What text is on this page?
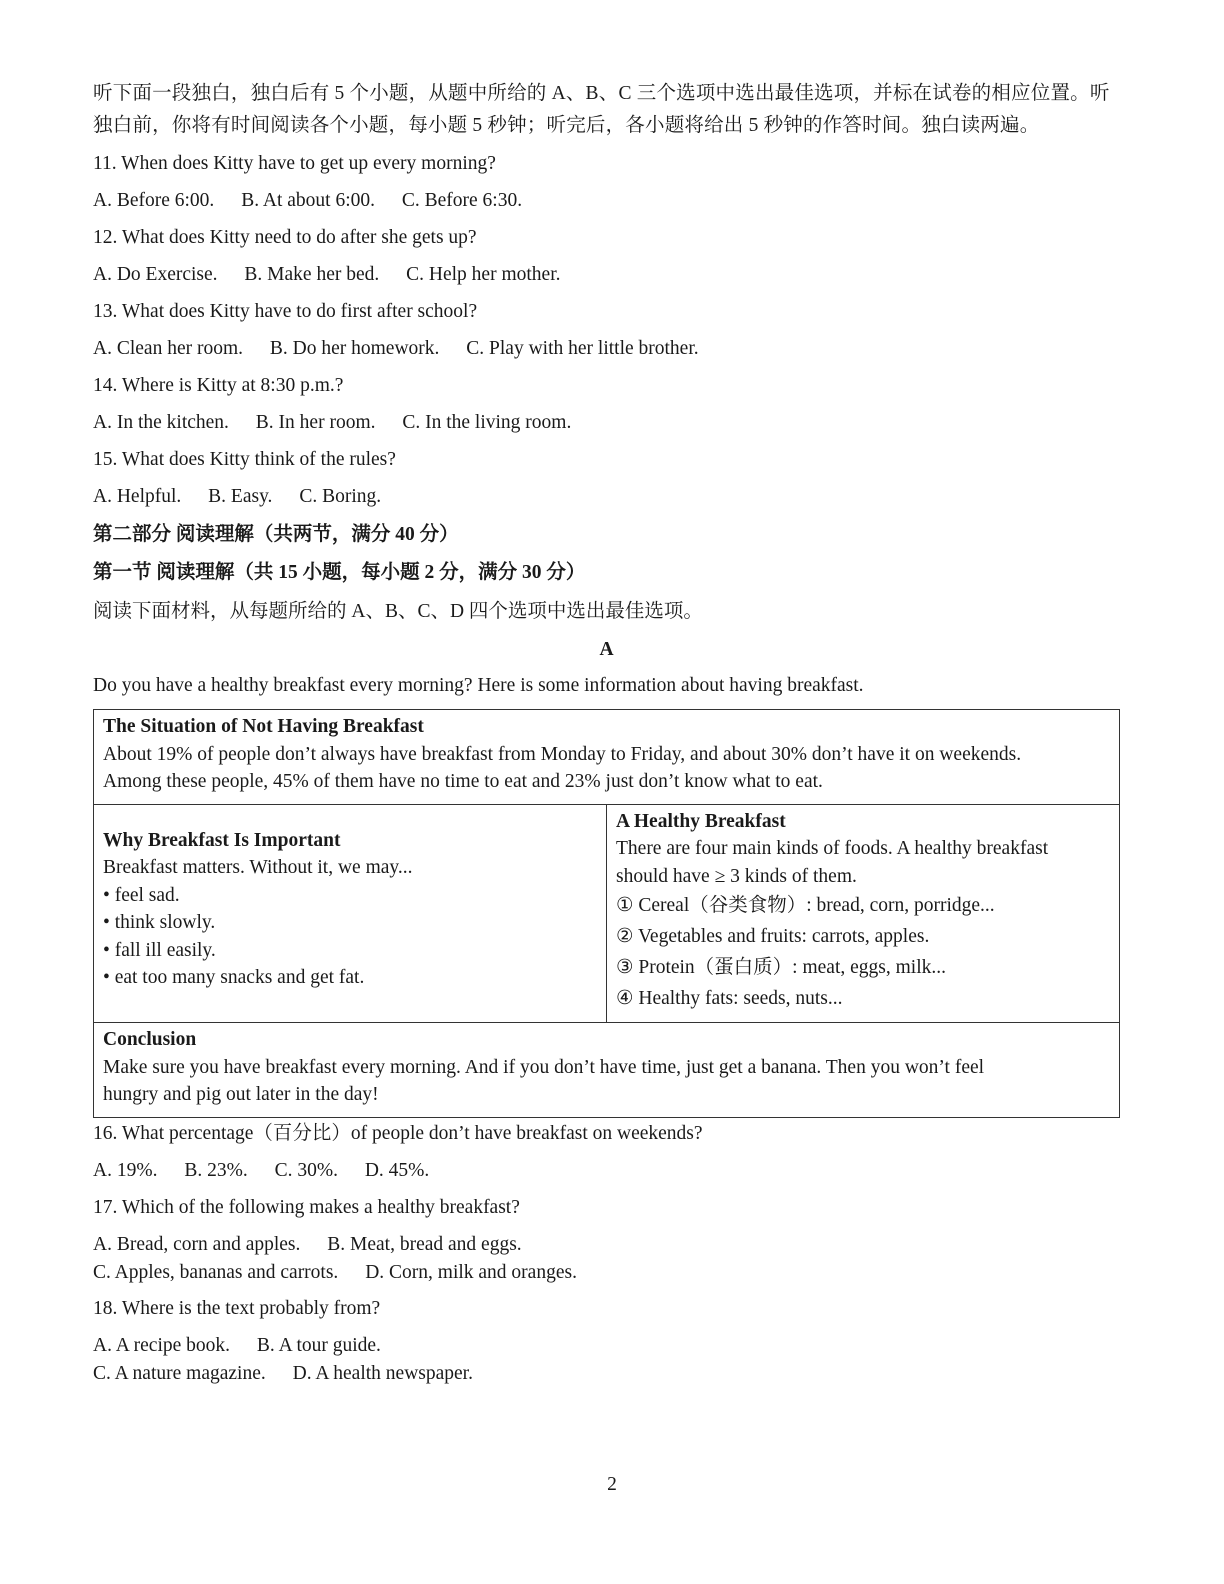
听下面一段独白，独白后有 5 个小题，从题中所给的 A、B、C 三个选项中选出最佳选项，并标在试卷的相应位置。听独白前，你将有时间阅读各个小题，每小题 5 秒钟；听完后，各小题将给出 5 秒钟的作答时间。独白读两遍。
11. When does Kitty have to get up every morning?
A. Before 6:00. B. At about 6:00. C. Before 6:30.
12. What does Kitty need to do after she gets up?
A. Do Exercise. B. Make her bed. C. Help her mother.
13. What does Kitty have to do first after school?
A. Clean her room. B. Do her homework. C. Play with her little brother.
14. Where is Kitty at 8:30 p.m.?
A. In the kitchen. B. In her room. C. In the living room.
15. What does Kitty think of the rules?
A. Helpful. B. Easy. C. Boring.
第二部分 阅读理解（共两节，满分 40 分）
第一节 阅读理解（共 15 小题，每小题 2 分，满分 30 分）
阅读下面材料，从每题所给的 A、B、C、D 四个选项中选出最佳选项。
A
Do you have a healthy breakfast every morning? Here is some information about having breakfast.
The Situation of Not Having Breakfast
About 19% of people don’t always have breakfast from Monday to Friday, and about 30% don’t have it on weekends.
Among these people, 45% of them have no time to eat and 23% just don’t know what to eat.

Why Breakfast Is Important
Breakfast matters. Without it, we may...
• feel sad.
• think slowly.
• fall ill easily.
• eat too many snacks and get fat.

A Healthy Breakfast
There are four main kinds of foods. A healthy breakfast
should have ≥ 3 kinds of them.
① Cereal（谷类食物）: bread, corn, porridge...
② Vegetables and fruits: carrots, apples.
③ Protein（蛋白质）: meat, eggs, milk...
④ Healthy fats: seeds, nuts...

Conclusion
Make sure you have breakfast every morning. And if you don’t have time, just get a banana. Then you won’t feel
hungry and pig out later in the day!
16. What percentage（百分比）of people don’t have breakfast on weekends?
A. 19%. B. 23%. C. 30%. D. 45%.
17. Which of the following makes a healthy breakfast?
A. Bread, corn and apples. B. Meat, bread and eggs.
C. Apples, bananas and carrots. D. Corn, milk and oranges.
18. Where is the text probably from?
A. A recipe book. B. A tour guide.
C. A nature magazine. D. A health newspaper.
2
